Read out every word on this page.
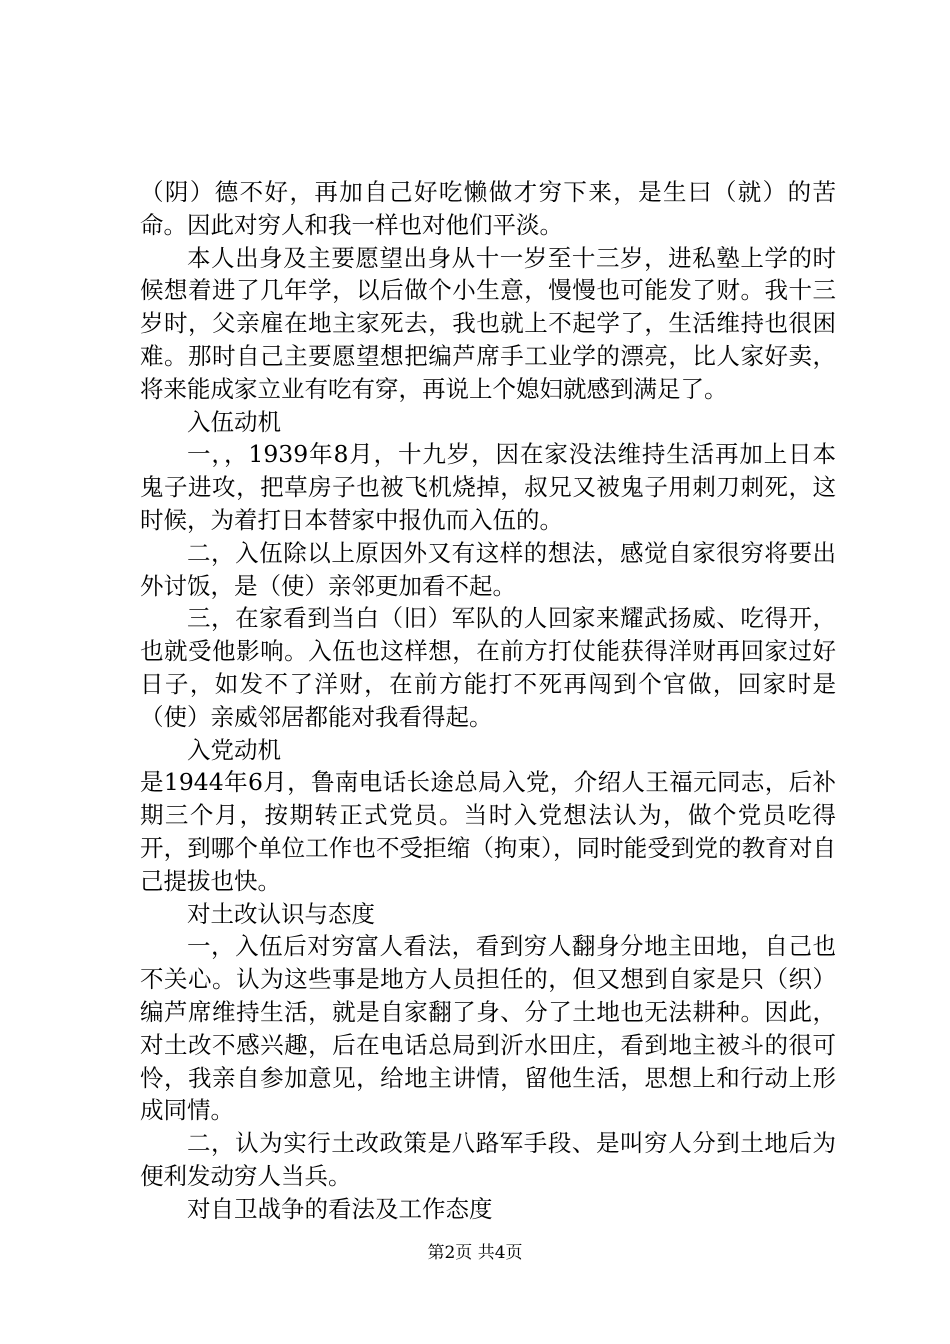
（阴）德不好，再加自己好吃懒做才穷下来，是生曰（就）的苦命。因此对穷人和我一样也对他们平淡。

本人出身及主要愿望出身从十一岁至十三岁，进私塾上学的时候想着进了几年学，以后做个小生意，慢慢也可能发了财。我十三岁时，父亲雇在地主家死去，我也就上不起学了，生活维持也很困难。那时自己主要愿望想把编芦席手工业学的漂亮，比人家好卖，将来能成家立业有吃有穿，再说上个媳妇就感到满足了。

入伍动机

一，，1939年8月，十九岁，因在家没法维持生活再加上日本鬼子进攻，把草房子也被飞机烧掉，叔兄又被鬼子用刺刀刺死，这时候，为着打日本替家中报仇而入伍的。

二，入伍除以上原因外又有这样的想法，感觉自家很穷将要出外讨饭，是（使）亲邻更加看不起。

三，在家看到当白（旧）军队的人回家来耀武扬威、吃得开，也就受他影响。入伍也这样想，在前方打仗能获得洋财再回家过好日子，如发不了洋财，在前方能打不死再闯到个官做，回家时是（使）亲威邻居都能对我看得起。

入党动机

是1944年6月，鲁南电话长途总局入党，介绍人王福元同志，后补期三个月，按期转正式党员。当时入党想法认为，做个党员吃得开，到哪个单位工作也不受拒缩（拘束），同时能受到党的教育对自己提拔也快。

对土改认识与态度

一，入伍后对穷富人看法，看到穷人翻身分地主田地，自己也不关心。认为这些事是地方人员担任的，但又想到自家是只（织）编芦席维持生活，就是自家翻了身、分了土地也无法耕种。因此，对土改不感兴趣，后在电话总局到沂水田庄，看到地主被斗的很可怜，我亲自参加意见，给地主讲情，留他生活，思想上和行动上形成同情。

二，认为实行土改政策是八路军手段、是叫穷人分到土地后为便利发动穷人当兵。

对自卫战争的看法及工作态度

第2页 共4页
